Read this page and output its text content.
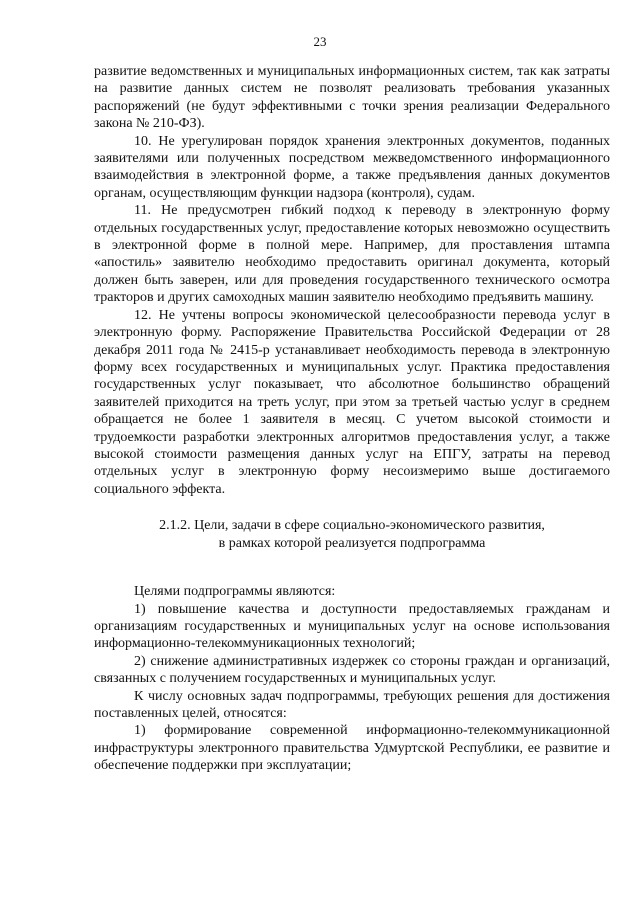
23

развитие ведомственных и муниципальных информационных систем, так как затраты на развитие данных систем не позволят реализовать требования указанных распоряжений (не будут эффективными с точки зрения реализации Федерального закона № 210-ФЗ).

10. Не урегулирован порядок хранения электронных документов, поданных заявителями или полученных посредством межведомственного информационного взаимодействия в электронной форме, а также предъявления данных документов органам, осуществляющим функции надзора (контроля), судам.

11. Не предусмотрен гибкий подход к переводу в электронную форму отдельных государственных услуг, предоставление которых невозможно осуществить в электронной форме в полной мере. Например, для проставления штампа «апостиль» заявителю необходимо предоставить оригинал документа, который должен быть заверен, или для проведения государственного технического осмотра тракторов и других самоходных машин заявителю необходимо предъявить машину.

12. Не учтены вопросы экономической целесообразности перевода услуг в электронную форму. Распоряжение Правительства Российской Федерации от 28 декабря 2011 года № 2415-р устанавливает необходимость перевода в электронную форму всех государственных и муниципальных услуг. Практика предоставления государственных услуг показывает, что абсолютное большинство обращений заявителей приходится на треть услуг, при этом за третьей частью услуг в среднем обращается не более 1 заявителя в месяц. С учетом высокой стоимости и трудоемкости разработки электронных алгоритмов предоставления услуг, а также высокой стоимости размещения данных услуг на ЕПГУ, затраты на перевод отдельных услуг в электронную форму несоизмеримо выше достигаемого социального эффекта.

2.1.2. Цели, задачи в сфере социально-экономического развития,
в рамках которой реализуется подпрограмма

Целями подпрограммы являются:

1) повышение качества и доступности предоставляемых гражданам и организациям государственных и муниципальных услуг на основе использования информационно-телекоммуникационных технологий;

2) снижение административных издержек со стороны граждан и организаций, связанных с получением государственных и муниципальных услуг.

К числу основных задач подпрограммы, требующих решения для достижения поставленных целей, относятся:

1) формирование современной информационно-телекоммуникационной инфраструктуры электронного правительства Удмуртской Республики, ее развитие и обеспечение поддержки при эксплуатации;
